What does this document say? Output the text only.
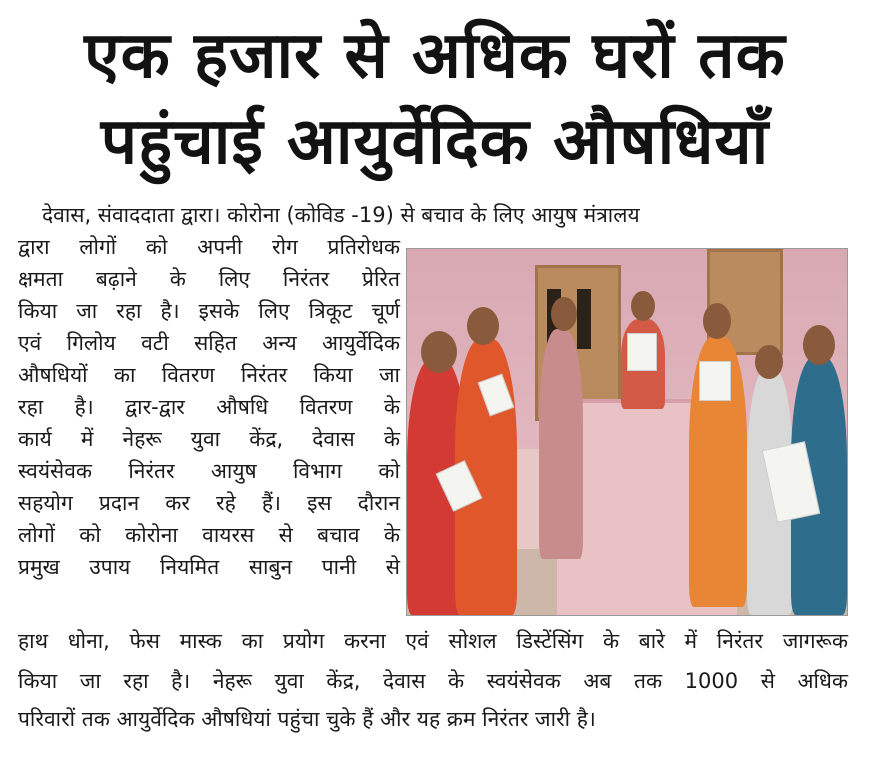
एक हजार से अधिक घरों तक
पहुंचाई आयुर्वेदिक औषधियाँ
देवास, संवाददाता द्वारा। कोरोना (कोविड -19) से बचाव के लिए आयुष मंत्रालय
द्वारा लोगों को अपनी रोग प्रतिरोधक
क्षमता बढ़ाने के लिए निरंतर प्रेरित
किया जा रहा है। इसके लिए त्रिकूट चूर्ण
एवं गिलोय वटी सहित अन्य आयुर्वेदिक
औषधियों का वितरण निरंतर किया जा
रहा है। द्वार-द्वार औषधि वितरण के
कार्य में नेहरू युवा केंद्र, देवास के
स्वयंसेवक निरंतर आयुष विभाग को
सहयोग प्रदान कर रहे हैं। इस दौरान
लोगों को कोरोना वायरस से बचाव के
प्रमुख उपाय नियमित साबुन पानी से
हाथ धोना, फेस मास्क का प्रयोग करना एवं सोशल डिस्टेंसिंग के बारे में निरंतर जागरूक
किया जा रहा है। नेहरू युवा केंद्र, देवास के स्वयंसेवक अब तक 1000 से अधिक
परिवारों तक आयुर्वेदिक औषधियां पहुंचा चुके हैं और यह क्रम निरंतर जारी है।
